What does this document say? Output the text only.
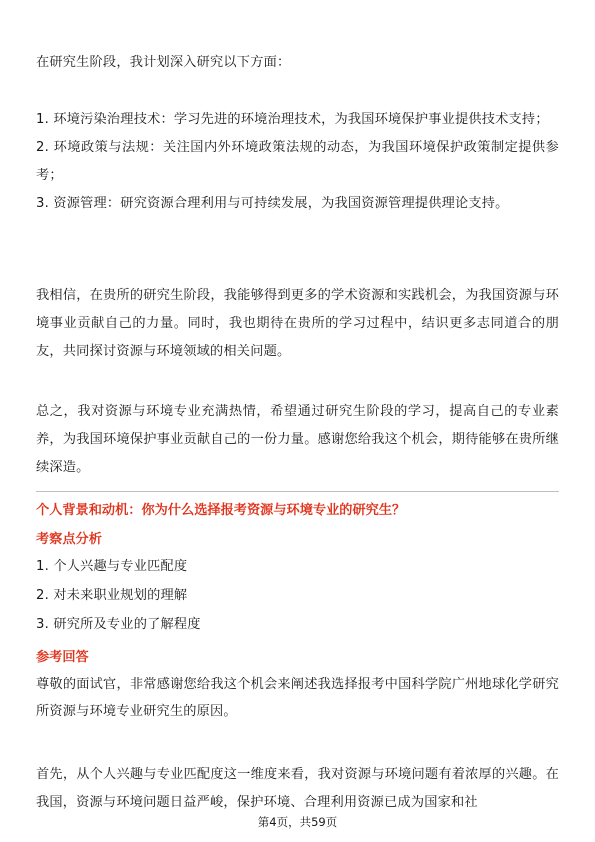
在研究生阶段，我计划深入研究以下方面：

1. 环境污染治理技术：学习先进的环境治理技术，为我国环境保护事业提供技术支持；

2. 环境政策与法规：关注国内外环境政策法规的动态，为我国环境保护政策制定提供参考；

3. 资源管理：研究资源合理利用与可持续发展，为我国资源管理提供理论支持。

我相信，在贵所的研究生阶段，我能够得到更多的学术资源和实践机会，为我国资源与环境事业贡献自己的力量。同时，我也期待在贵所的学习过程中，结识更多志同道合的朋友，共同探讨资源与环境领域的相关问题。

总之，我对资源与环境专业充满热情，希望通过研究生阶段的学习，提高自己的专业素养，为我国环境保护事业贡献自己的一份力量。感谢您给我这个机会，期待能够在贵所继续深造。

个人背景和动机：你为什么选择报考资源与环境专业的研究生？

考察点分析

1. 个人兴趣与专业匹配度

2. 对未来职业规划的理解

3. 研究所及专业的了解程度

参考回答

尊敬的面试官，非常感谢您给我这个机会来阐述我选择报考中国科学院广州地球化学研究所资源与环境专业研究生的原因。

首先，从个人兴趣与专业匹配度这一维度来看，我对资源与环境问题有着浓厚的兴趣。在我国，资源与环境问题日益严峻，保护环境、合理利用资源已成为国家和社

第4页，共59页
